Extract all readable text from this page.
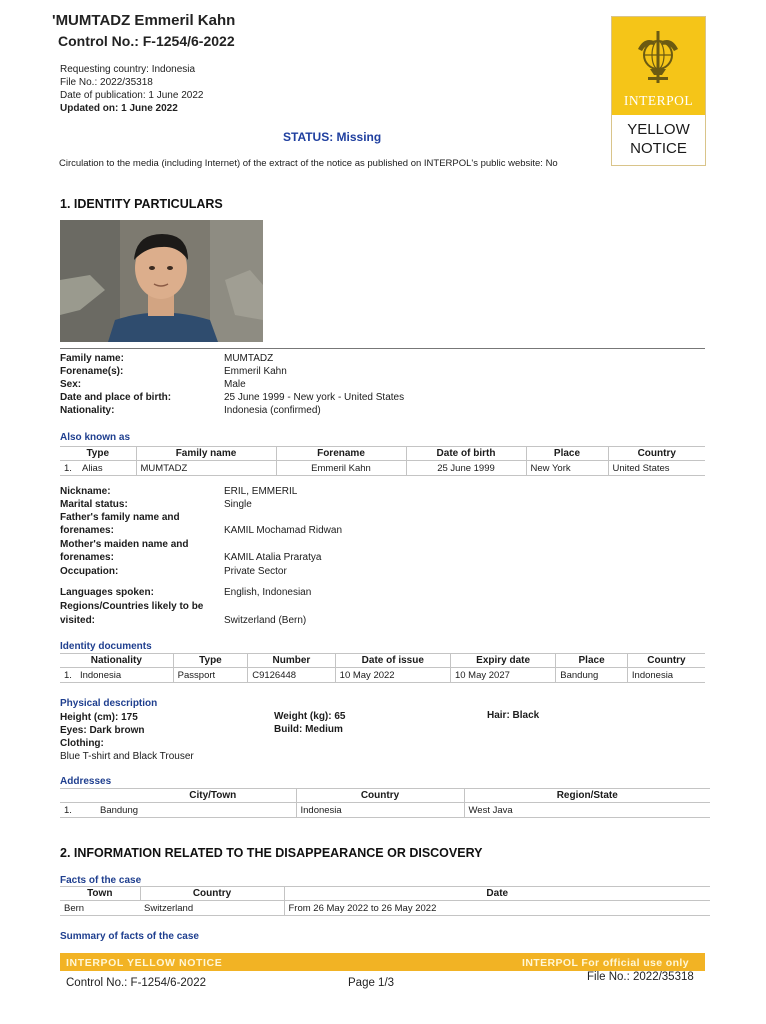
'MUMTADZ Emmeril Kahn
Control No.: F-1254/6-2022
Requesting country: Indonesia
File No.: 2022/35318
Date of publication: 1 June 2022
Updated on: 1 June 2022
INTERPOL
YELLOW
NOTICE
STATUS: Missing
Circulation to the media (including Internet) of the extract of the notice as published on INTERPOL's public website: No
1. IDENTITY PARTICULARS
Family name:	MUMTADZ
Forename(s):	Emmeril Kahn
Sex:	Male
Date and place of birth:	25 June 1999 - New york - United States
Nationality:	Indonesia (confirmed)
Also known as
Type		Family name	Forename	Date of birth	Place	Country
1.	Alias	MUMTADZ	Emmeril Kahn	25 June 1999	New York	United States
Nickname:	ERIL, EMMERIL
Marital status:	Single
Father's family name and
forenames:	KAMIL Mochamad Ridwan
Mother's maiden name and
forenames:	KAMIL Atalia Praratya
Occupation:	Private Sector
Languages spoken:	English, Indonesian
Regions/Countries likely to be
visited:	Switzerland (Bern)
Identity documents
Nationality		Type	Number	Date of issue	Expiry date	Place	Country
1.	Indonesia	Passport	C9126448	10 May 2022	10 May 2027	Bandung	Indonesia
Physical description
Height (cm): 175	Weight (kg): 65	Hair: Black
Eyes: Dark brown	Build: Medium
Clothing:
Blue T-shirt and Black Trouser
Addresses
City/Town		Country	Region/State
1.	Bandung	Indonesia	West Java
2. INFORMATION RELATED TO THE DISAPPEARANCE OR DISCOVERY
Facts of the case
Town	Country	Date
Bern	Switzerland	From 26 May 2022 to 26 May 2022
Summary of facts of the case
INTERPOL YELLOW NOTICE	INTERPOL For official use only
Control No.: F-1254/6-2022	Page 1/3	File No.: 2022/35318
